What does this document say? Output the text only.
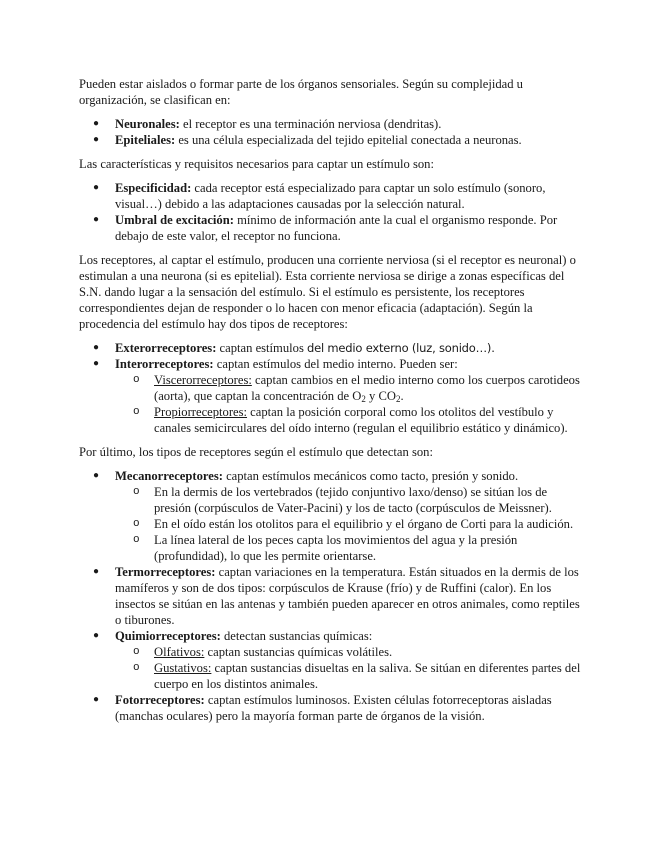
Pueden estar aislados o formar parte de los órganos sensoriales. Según su complejidad u organización, se clasifican en:

● Neuronales: el receptor es una terminación nerviosa (dendritas).
● Epiteliales: es una célula especializada del tejido epitelial conectada a neuronas.

Las características y requisitos necesarios para captar un estímulo son:

● Especificidad: cada receptor está especializado para captar un solo estímulo (sonoro, visual…) debido a las adaptaciones causadas por la selección natural.
● Umbral de excitación: mínimo de información ante la cual el organismo responde. Por debajo de este valor, el receptor no funciona.

Los receptores, al captar el estímulo, producen una corriente nerviosa (si el receptor es neuronal) o estimulan a una neurona (si es epitelial). Esta corriente nerviosa se dirige a zonas específicas del S.N. dando lugar a la sensación del estímulo. Si el estímulo es persistente, los receptores correspondientes dejan de responder o lo hacen con menor eficacia (adaptación). Según la procedencia del estímulo hay dos tipos de receptores:

● Exterorreceptores: captan estímulos del medio externo (luz, sonido…).
● Interorreceptores: captan estímulos del medio interno. Pueden ser:
o Viscerorreceptores: captan cambios en el medio interno como los cuerpos carotideos (aorta), que captan la concentración de $O_2$ y $CO_2$.
o Propiorreceptores: captan la posición corporal como los otolitos del vestíbulo y canales semicirculares del oído interno (regulan el equilibrio estático y dinámico).

Por último, los tipos de receptores según el estímulo que detectan son:

● Mecanorreceptores: captan estímulos mecánicos como tacto, presión y sonido.
o En la dermis de los vertebrados (tejido conjuntivo laxo/denso) se sitúan los de presión (corpúsculos de Vater-Pacini) y los de tacto (corpúsculos de Meissner).
o En el oído están los otolitos para el equilibrio y el órgano de Corti para la audición.
o La línea lateral de los peces capta los movimientos del agua y la presión (profundidad), lo que les permite orientarse.
● Termorreceptores: captan variaciones en la temperatura. Están situados en la dermis de los mamíferos y son de dos tipos: corpúsculos de Krause (frío) y de Ruffini (calor). En los insectos se sitúan en las antenas y también pueden aparecer en otros animales, como reptiles o tiburones.
● Quimiorreceptores: detectan sustancias químicas:
o Olfativos: captan sustancias químicas volátiles.
o Gustativos: captan sustancias disueltas en la saliva. Se sitúan en diferentes partes del cuerpo en los distintos animales.
● Fotorreceptores: captan estímulos luminosos. Existen células fotorreceptoras aisladas (manchas oculares) pero la mayoría forman parte de órganos de la visión.
